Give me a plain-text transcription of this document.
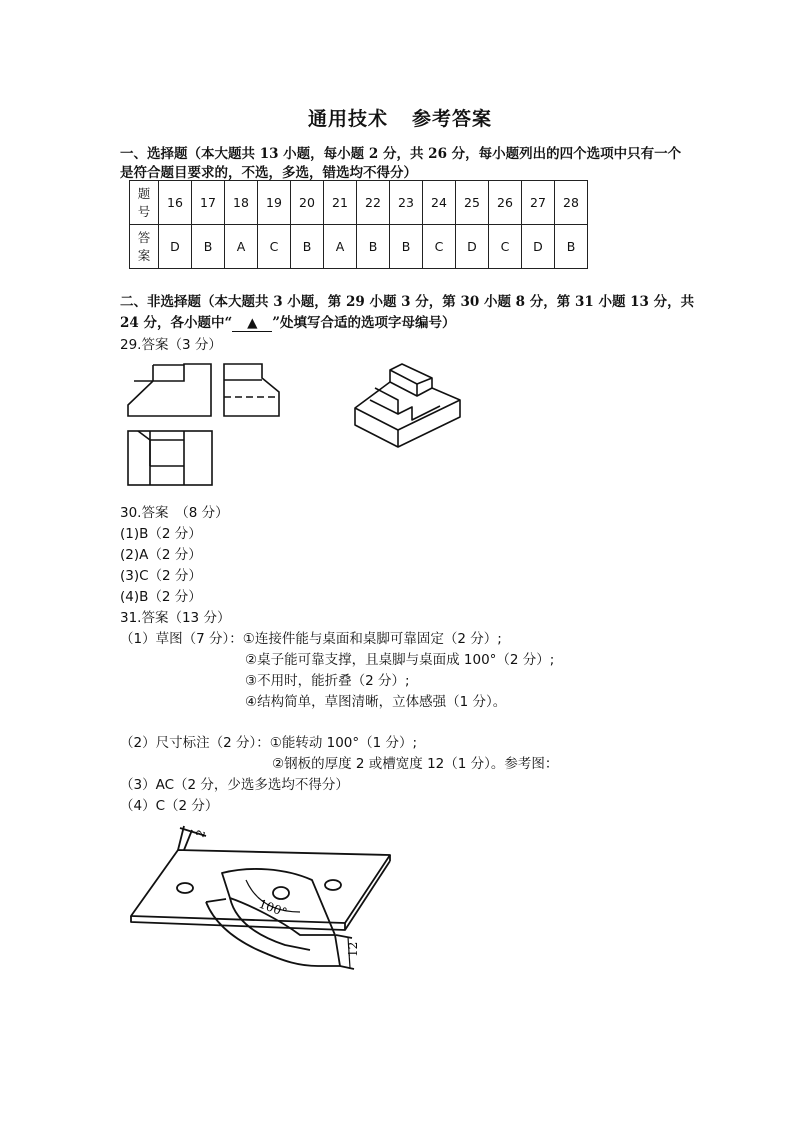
通用技术 参考答案
一、选择题（本大题共 13 小题，每小题 2 分，共 26 分，每小题列出的四个选项中只有一个
是符合题目要求的，不选，多选，错选均不得分）
题
号	16	17	18	19	20	21	22	23	24	25	26	27	28
答
案	D	B	A	C	B	A	B	B	C	D	C	D	B
二、非选择题（本大题共 3 小题，第 29 小题 3 分，第 30 小题 8 分，第 31 小题 13 分，共
24 分，各小题中“ ▲ ”处填写合适的选项字母编号）
29.答案（3 分）
30.答案　（8 分）
(1)B（2 分）
(2)A（2 分）
(3)C（2 分）
(4)B（2 分）
31.答案（13 分）
（1）草图（7 分）：①连接件能与桌面和桌脚可靠固定（2 分）;
②桌子能可靠支撑，且桌脚与桌面成 100°（2 分）;
③不用时，能折叠（2 分）;
④结构简单，草图清晰，立体感强（1 分）。
（2）尺寸标注（2 分）：①能转动 100°（1 分）;
②钢板的厚度 2 或槽宽度 12（1 分）。参考图：
（3）AC（2 分，少选多选均不得分）
（4）C（2 分）
2
100°
12
